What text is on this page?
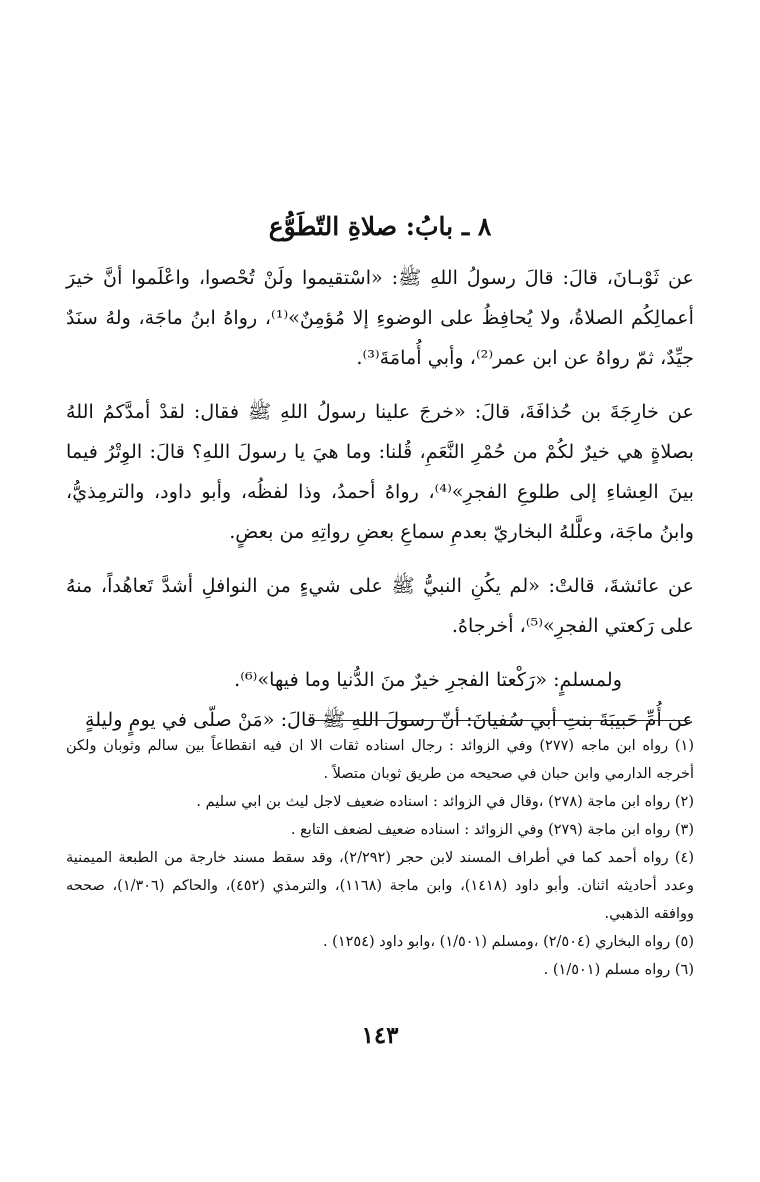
٨ ـ بابُ: صلاةِ التّطَوُّع

عن ثَوْبـانَ، قالَ: قالَ رسولُ اللهِ ﷺ: «اسْتقيموا ولَنْ تُحْصوا، واعْلَموا أنَّ خيرَ أعمالِكُم الصلاةُ، ولا يُحافِظُ على الوضوءِ إلا مُؤمِنٌ»⁽¹⁾، رواهُ ابنُ ماجَة، ولهُ سنَدٌ جيِّدٌ، ثمّ رواهُ عن ابن عمر⁽²⁾، وأبي أُمامَةَ⁽³⁾.

عن خارِجَةَ بن حُذافَةَ، قالَ: «خرجَ علينا رسولُ اللهِ ﷺ فقال: لقدْ أمدَّكمُ اللهُ بصلاةٍ هي خيرٌ لكُمْ من حُمْرِ النَّعَمِ، قُلنا: وما هيَ يا رسولَ اللهِ؟ قالَ: الوِتْرُ فيما بينَ العِشاءِ إلى طلوعِ الفجرِ»⁽⁴⁾، رواهُ أحمدُ، وذا لفظُه، وأبو داود، والترمِذيُّ، وابنُ ماجَة، وعلَّلهُ البخاريّ بعدمِ سماعِ بعضِ رواتِهِ من بعضٍ.

عن عائشةَ، قالتْ: «لم يكُنِ النبيُّ ﷺ على شيءٍ من النوافلِ أشدَّ تَعاهُداً، منهُ على رَكعتي الفجرِ»⁽⁵⁾، أخرجاهُ.

ولمسلمٍ: «رَكْعتا الفجرِ خيرٌ منَ الدُّنيا وما فيها»⁽⁶⁾.

عن أُمِّ حَبيبَةَ بنتِ أبي سُفيانَ: أنّ رسولَ اللهِ ﷺ قالَ: «مَنْ صلّى في يومٍ وليلةٍ

(١) رواه ابن ماجه (٢٧٧) وفي الزوائد : رجال اسناده ثقات الا ان فيه انقطاعاً بين سالم وثوبان ولكن أخرجه الدارمي وابن حبان في صحيحه من طريق ثوبان متصلاً .

(٢) رواه ابن ماجة (٢٧٨) ،وقال في الزوائد : اسناده ضعيف لاجل ليث بن ابي سليم .

(٣) رواه ابن ماجة (٢٧٩) وفي الزوائد : اسناده ضعيف لضعف التابع .

(٤) رواه أحمد كما في أطراف المسند لابن حجر (٢/٢٩٢)، وقد سقط مسند خارجة من الطبعة الميمنية وعدد أحاديثه اثنان. وأبو داود (١٤١٨)، وابن ماجة (١١٦٨)، والترمذي (٤٥٢)، والحاكم (١/٣٠٦)، صححه ووافقه الذهبي.

(٥) رواه البخاري (٢/٥٠٤) ،ومسلم (١/٥٠١) ،وابو داود (١٢٥٤) .

(٦) رواه مسلم (١/٥٠١) .

١٤٣
